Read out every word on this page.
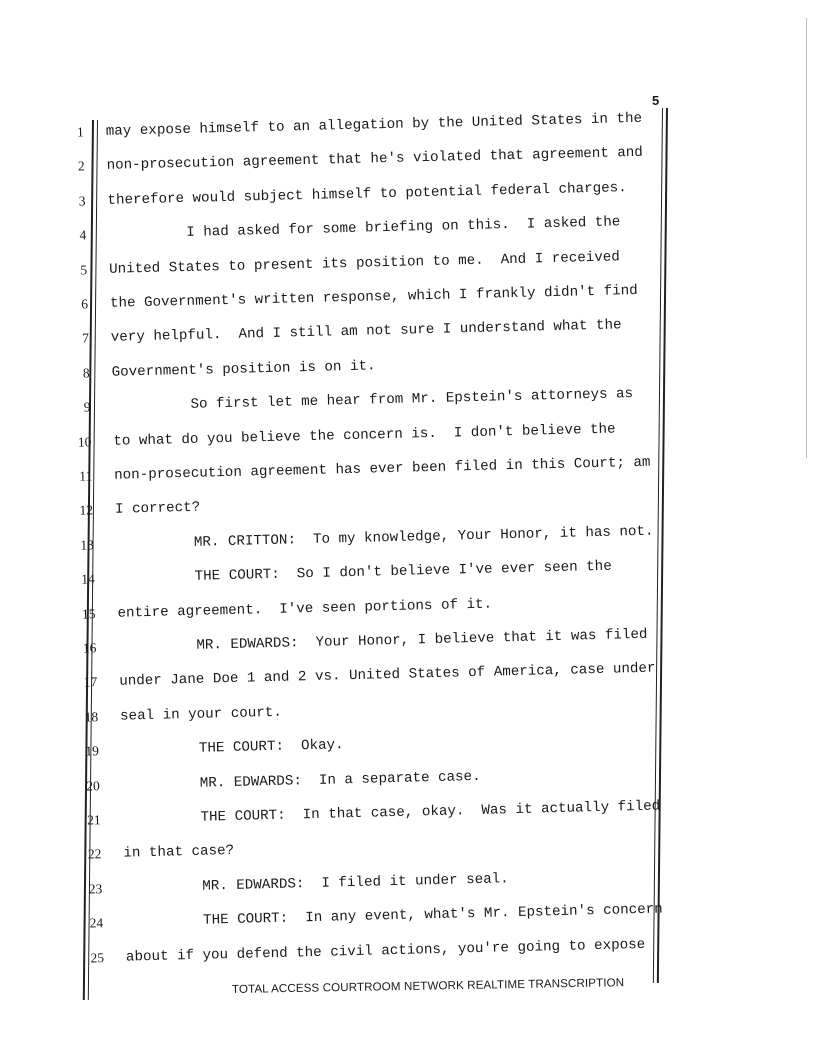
5
1 may expose himself to an allegation by the United States in the
2 non-prosecution agreement that he's violated that agreement and
3 therefore would subject himself to potential federal charges.
4	I had asked for some briefing on this.  I asked the
5 United States to present its position to me.  And I received
6 the Government's written response, which I frankly didn't find
7 very helpful.  And I still am not sure I understand what the
8 Government's position is on it.
9	So first let me hear from Mr. Epstein's attorneys as
10 to what do you believe the concern is.  I don't believe the
11 non-prosecution agreement has ever been filed in this Court; am
12 I correct?
13	MR. CRITTON:  To my knowledge, Your Honor, it has not.
14	THE COURT:  So I don't believe I've ever seen the
15 entire agreement.  I've seen portions of it.
16	MR. EDWARDS:  Your Honor, I believe that it was filed
17 under Jane Doe 1 and 2 vs. United States of America, case under
18 seal in your court.
19	THE COURT:  Okay.
20	MR. EDWARDS:  In a separate case.
21	THE COURT:  In that case, okay.  Was it actually filed
22 in that case?
23	MR. EDWARDS:  I filed it under seal.
24	THE COURT:  In any event, what's Mr. Epstein's concern
25 about if you defend the civil actions, you're going to expose
TOTAL ACCESS COURTROOM NETWORK REALTIME TRANSCRIPTION
